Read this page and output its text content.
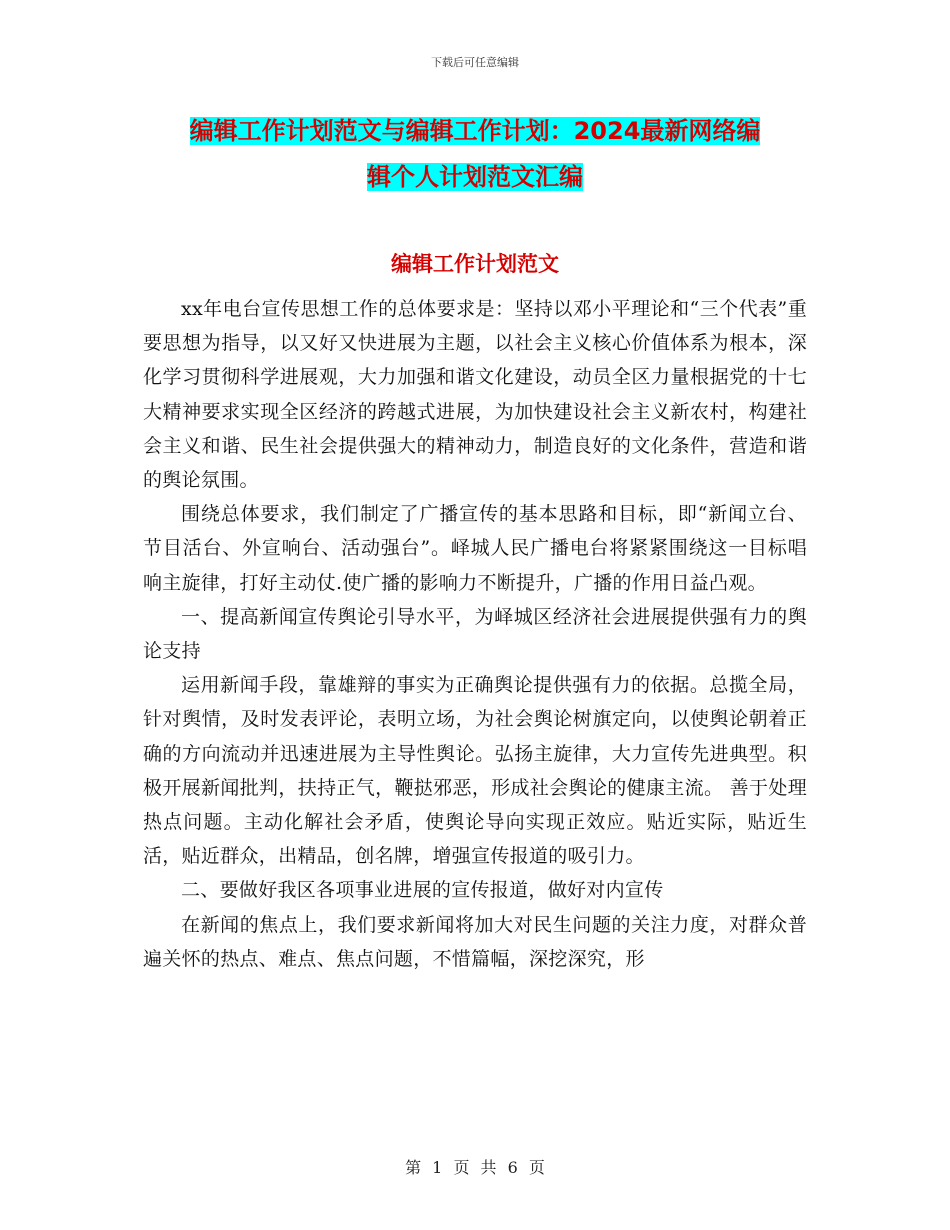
下载后可任意编辑
编辑工作计划范文与编辑工作计划：2024最新网络编
辑个人计划范文汇编
编辑工作计划范文

xx年电台宣传思想工作的总体要求是：坚持以邓小平理论和“三个代表”重要思想为指导，以又好又快进展为主题，以社会主义核心价值体系为根本，深化学习贯彻科学进展观，大力加强和谐文化建设，动员全区力量根据党的十七大精神要求实现全区经济的跨越式进展，为加快建设社会主义新农村，构建社会主义和谐、民生社会提供强大的精神动力，制造良好的文化条件，营造和谐的舆论氛围。

围绕总体要求，我们制定了广播宣传的基本思路和目标，即“新闻立台、节目活台、外宣响台、活动强台”。峄城人民广播电台将紧紧围绕这一目标唱响主旋律，打好主动仗.使广播的影响力不断提升，广播的作用日益凸观。

一、提高新闻宣传舆论引导水平，为峄城区经济社会进展提供强有力的舆论支持

运用新闻手段，靠雄辩的事实为正确舆论提供强有力的依据。总揽全局，针对舆情，及时发表评论，表明立场，为社会舆论树旗定向，以使舆论朝着正确的方向流动并迅速进展为主导性舆论。弘扬主旋律，大力宣传先进典型。积极开展新闻批判，扶持正气，鞭挞邪恶，形成社会舆论的健康主流。 善于处理热点问题。主动化解社会矛盾，使舆论导向实现正效应。贴近实际，贴近生活，贴近群众，出精品，创名牌，增强宣传报道的吸引力。

二、要做好我区各项事业进展的宣传报道，做好对内宣传

在新闻的焦点上，我们要求新闻将加大对民生问题的关注力度，对群众普遍关怀的热点、难点、焦点问题，不惜篇幅，深挖深究，形

第 1 页 共 6 页
